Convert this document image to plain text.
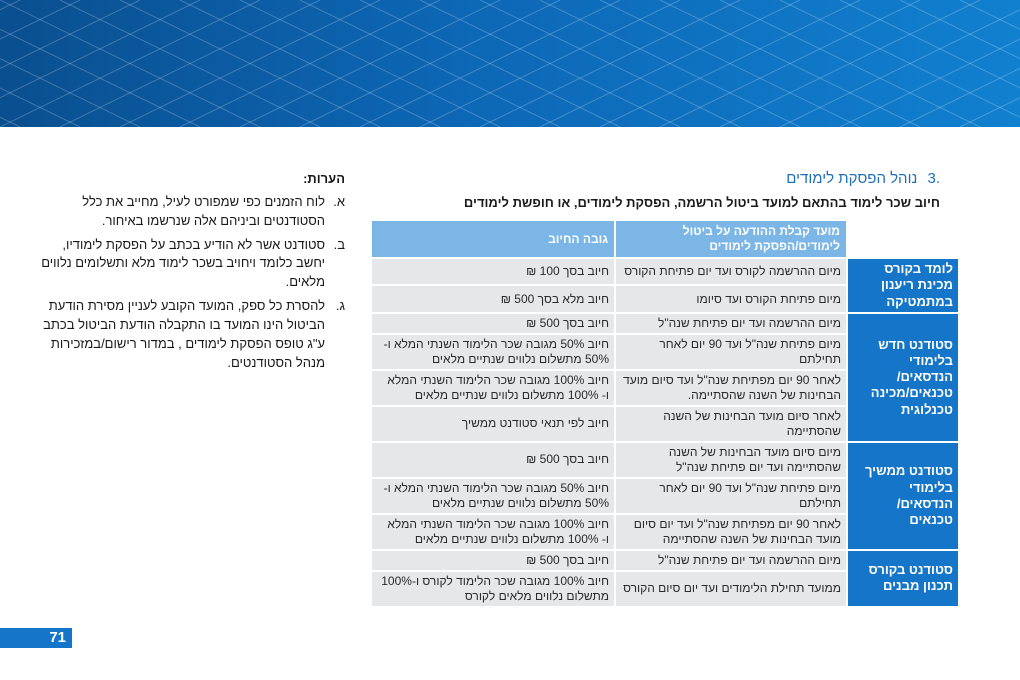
.3 נוהל הפסקת לימודים

חיוב שכר לימוד בהתאם למועד ביטול הרשמה, הפסקת לימודים, או חופשת לימודים

	מועד קבלת ההודעה על ביטול לימודים/הפסקת לימודים	גובה החיוב
לומד בקורס מכינת ריענון במתמטיקה	מיום ההרשמה לקורס ועד יום פתיחת הקורס	חיוב בסך 100 ₪
	מיום פתיחת הקורס ועד סיומו	חיוב מלא בסך 500 ₪
סטודנט חדש בלימודי הנדסאים/ טכנאים/מכינה טכנלוגית	מיום ההרשמה ועד יום פתיחת שנה"ל	חיוב בסך 500 ₪
	מיום פתיחת שנה"ל ועד 90 יום לאחר תחילתם	חיוב 50% מגובה שכר הלימוד השנתי המלא ו- 50% מתשלום נלווים שנתיים מלאים
	לאחר 90 יום מפתיחת שנה"ל ועד סיום מועד הבחינות של השנה שהסתיימה.	חיוב 100% מגובה שכר הלימוד השנתי המלא ו- 100% מתשלום נלווים שנתיים מלאים
	לאחר סיום מועד הבחינות של השנה שהסתיימה	חיוב לפי תנאי סטודנט ממשיך
סטודנט ממשיך בלימודי הנדסאים/ טכנאים	מיום סיום מועד הבחינות של השנה שהסתיימה ועד יום פתיחת שנה"ל	חיוב בסך 500 ₪
	מיום פתיחת שנה"ל ועד 90 יום לאחר תחילתם	חיוב 50% מגובה שכר הלימוד השנתי המלא ו- 50% מתשלום נלווים שנתיים מלאים
	לאחר 90 יום מפתיחת שנה"ל ועד יום סיום מועד הבחינות של השנה שהסתיימה	חיוב 100% מגובה שכר הלימוד השנתי המלא ו- 100% מתשלום נלווים שנתיים מלאים
סטודנט בקורס תכנון מבנים	מיום ההרשמה ועד יום פתיחת שנה"ל	חיוב בסך 500 ₪
	ממועד תחילת הלימודים ועד יום סיום הקורס	חיוב 100% מגובה שכר הלימוד לקורס ו-100% מתשלום נלווים מלאים לקורס

הערות:

א.
לוח הזמנים כפי שמפורט לעיל, מחייב את כלל הסטודנטים וביניהם אלה שנרשמו באיחור.
ב.
סטודנט אשר לא הודיע בכתב על הפסקת לימודיו, יחשב כלומד ויחויב בשכר לימוד מלא ותשלומים נלווים מלאים.
ג.
להסרת כל ספק, המועד הקובע לעניין מסירת הודעת הביטול הינו המועד בו התקבלה הודעת הביטול בכתב ע"ג טופס הפסקת לימודים , במדור רישום/במזכירות מנהל הסטודנטים.
71
